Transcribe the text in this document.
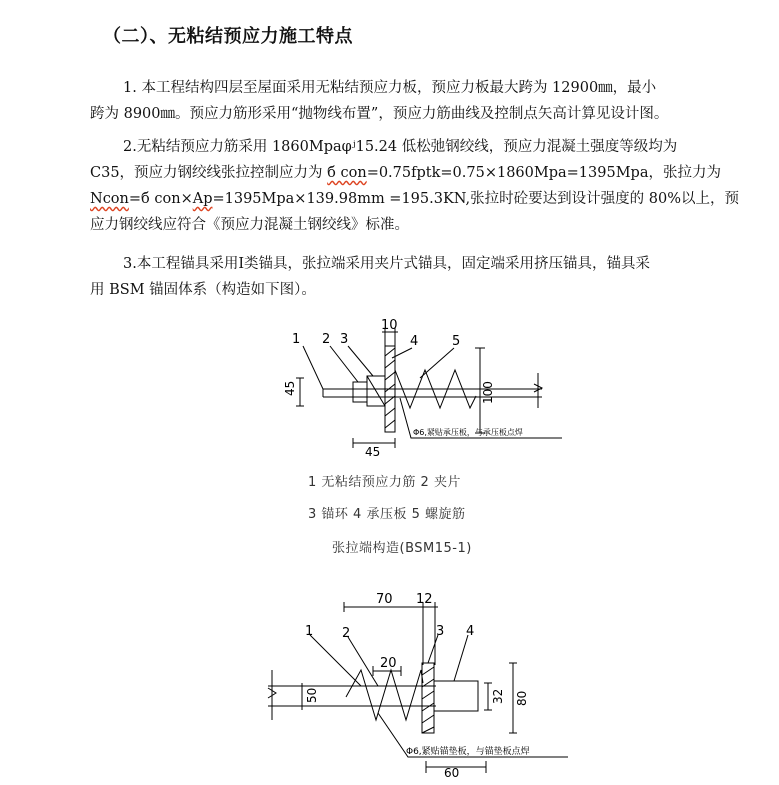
（二）、无粘结预应力施工特点
1. 本工程结构四层至屋面采用无粘结预应力板，预应力板最大跨为 12900㎜，最小
跨为 8900㎜。预应力筋形采用“抛物线布置”，预应力筋曲线及控制点矢高计算见设计图。
2.无粘结预应力筋采用 1860Mpaφʲ15.24 低松弛钢绞线，预应力混凝土强度等级均为
C35，预应力钢绞线张拉控制应力为 б con=0.75fptk=0.75×1860Mpa=1395Mpa，张拉力为
Ncon=б con×Ap=1395Mpa×139.98mm =195.3KN,张拉时砼要达到设计强度的 80%以上，预
应力钢绞线应符合《预应力混凝土钢绞线》标准。
3.本工程锚具采用Ⅰ类锚具，张拉端采用夹片式锚具，固定端采用挤压锚具，锚具采
用 BSM 锚固体系（构造如下图）。
1 2 3
10
4	5
45	100
45
Φ6,紧贴承压板，与承压板点焊
1 无粘结预应力筋 2 夹片
3 锚环 4 承压板 5 螺旋筋
张拉端构造(BSM15-1)
70 12
1 2	3 4
20
50	32 80
Φ6,紧贴锚垫板，与锚垫板点焊
60
